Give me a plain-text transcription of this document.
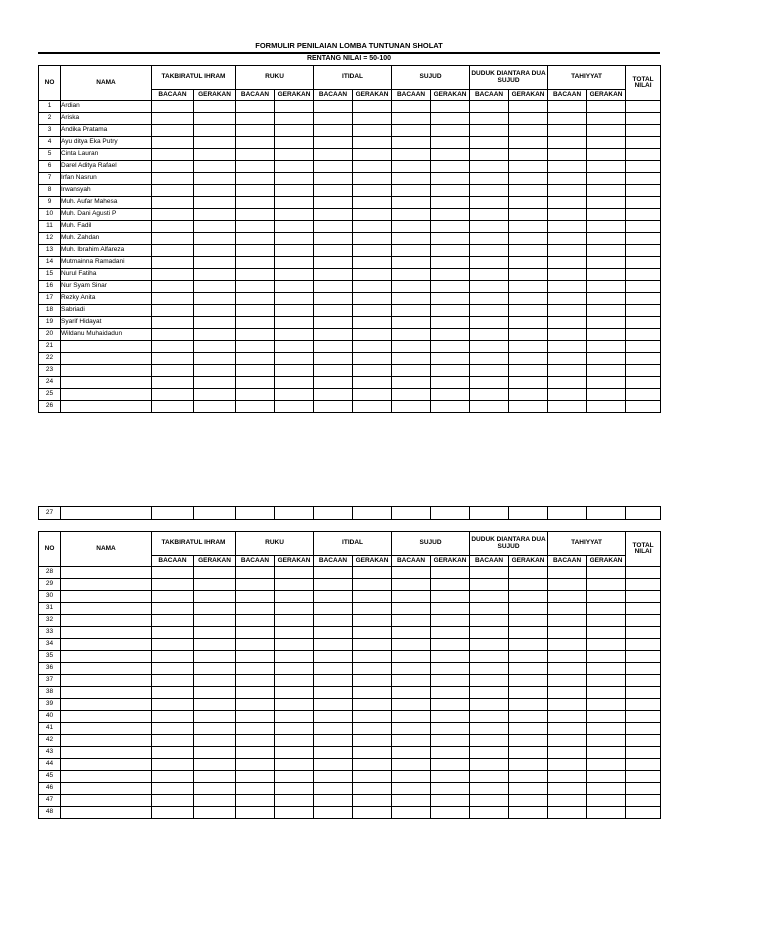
FORMULIR PENILAIAN LOMBA TUNTUNAN SHOLAT
RENTANG NILAI = 50-100
NO	NAMA	TAKBIRATUL IHRAM		RUKU		ITIDAL		SUJUD		DUDUK DIANTARA DUA SUJUD		TAHIYYAT		TOTAL NILAI
		BACAAN	GERAKAN	BACAAN	GERAKAN	BACAAN	GERAKAN	BACAAN	GERAKAN	BACAAN	GERAKAN	BACAAN	GERAKAN	
1	Ardian													
2	Ariska													
3	Andika Pratama													
4	Ayu ditya Eka Putry													
5	Cinta Lauran													
6	Darel Aditya Rafael													
7	Irfan Nasrun													
8	Irwansyah													
9	Muh. Aufar Mahesa													
10	Muh. Dani Agusti P													
11	Muh. Fadil													
12	Muh. Zahdan													
13	Muh. Ibrahim Alfareza													
14	Mutmainna Ramadani													
15	Nurul Fatiha													
16	Nur Syam Sinar													
17	Rezky Anita													
18	Sabriadi													
19	Syarif Hidayat													
20	Wildanu Muhaidadun													
21														
22														
23														
24														
25														
26														
27														
NO	NAMA	TAKBIRATUL IHRAM		RUKU		ITIDAL		SUJUD		DUDUK DIANTARA DUA SUJUD		TAHIYYAT		TOTAL NILAI
		BACAAN	GERAKAN	BACAAN	GERAKAN	BACAAN	GERAKAN	BACAAN	GERAKAN	BACAAN	GERAKAN	BACAAN	GERAKAN	
28														
29														
30														
31														
32														
33														
34														
35														
36														
37														
38														
39														
40														
41														
42														
43														
44														
45														
46														
47														
48														
